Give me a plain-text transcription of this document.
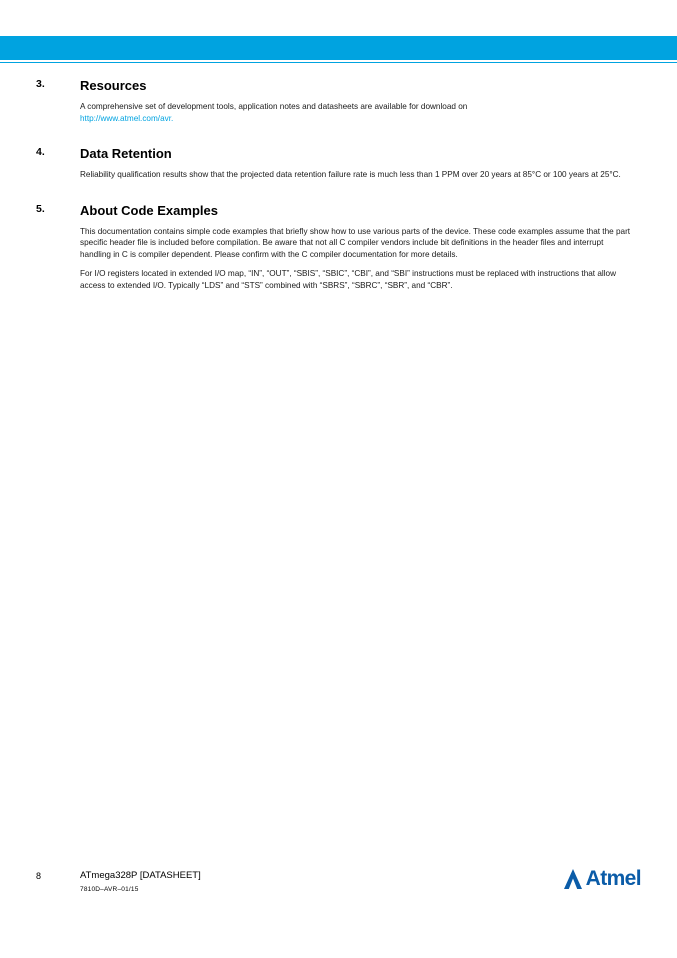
3.	Resources

A comprehensive set of development tools, application notes and datasheets are available for download on
http://www.atmel.com/avr.

4.	Data Retention

Reliability qualification results show that the projected data retention failure rate is much less than 1 PPM over 20 years at 85°C or 100 years at 25°C.

5.	About Code Examples

This documentation contains simple code examples that briefly show how to use various parts of the device. These code examples assume that the part specific header file is included before compilation. Be aware that not all C compiler vendors include bit definitions in the header files and interrupt handling in C is compiler dependent. Please confirm with the C compiler documentation for more details.

For I/O registers located in extended I/O map, “IN”, “OUT”, “SBIS”, “SBIC”, “CBI”, and “SBI” instructions must be replaced with instructions that allow access to extended I/O. Typically “LDS” and “STS” combined with “SBRS”, “SBRC”, “SBR”, and “CBR”.

8	ATmega328P [DATASHEET]
7810D–AVR–01/15	Atmel
